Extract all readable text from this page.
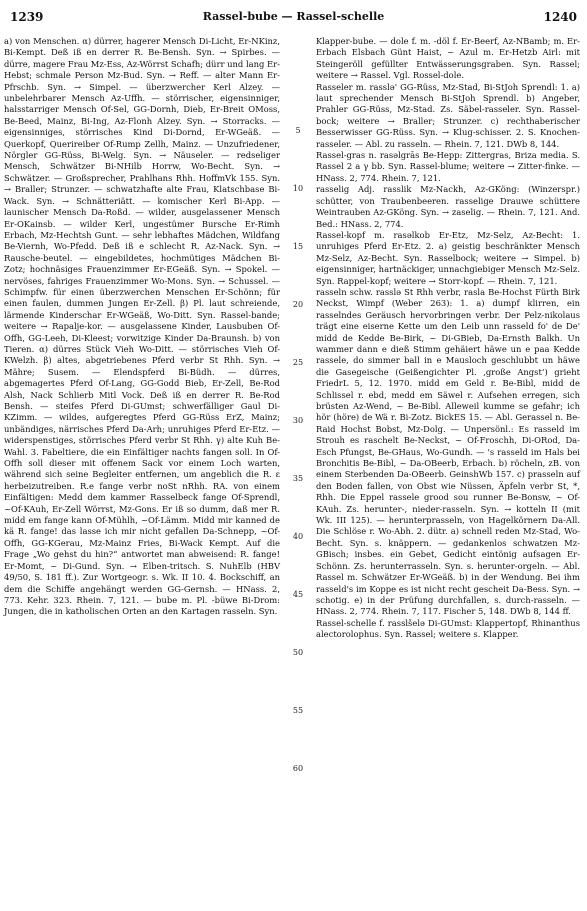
1239	Rassel-bube — Rassel-schelle	1240

a) von Menschen. α) dürrer, hagerer Mensch Di-Licht, Er-NKinz, Bi-Kempt. Deß iß en derrer R. Be-Bensh. Syn. → Spirbes. — dürre, magere Frau Mz-Ess, Az-Wörrst Schafh; dürr und lang Er-Hebst; schmale Person Mz-Bud. Syn. → Reff. — alter Mann Er-Pfrschb. Syn. → Simpel. — überzwercher Kerl Alzey. — unbelehrbarer Mensch Az-Uffh. — störrischer, eigensinniger, halsstarriger Mensch Of-Sel, GG-Dornh, Dieb, Er-Breit OMoss, Be-Beed, Mainz, Bi-Ing, Az-Flonh Alzey. Syn. → Storracks. — eigensinniges, störrisches Kind Di-Dornd, Er-WGeäß. — Querkopf, Querireiber Of-Rump Zellh, Mainz. — Unzufriedener, Nörgler GG-Rüss, Bi-Welg. Syn. → Näuseler. — redseliger Mensch, Schwätzer Bi-NHilb Horrw, Wo-Becht. Syn. → Schwätzer. — Großsprecher, Prahlhans Rhh. HoffmVk 155. Syn. → Braller; Strunzer. — schwatzhafte alte Frau, Klatschbase Bi-Wack. Syn. → Schnätteriätt. — komischer Kerl Bi-App. — launischer Mensch Da-Roßd. — wilder, ausgelassener Mensch Er-OKainsb. — wilder Kerl, ungestümer Bursche Er-Rimh Erbach, Mz-Hechtsh Gunt. — sehr lebhaftes Mädchen, Wildfang Be-Viernh, Wo-Pfedd. Deß iß e schlecht R. Az-Nack. Syn. → Rausche-beutel. — eingebildetes, hochmütiges Mädchen Bi-Zotz; hochnäsiges Frauenzimmer Er-EGeäß. Syn. → Spokel. — nervöses, fahriges Frauenzimmer Wo-Mons. Syn. → Schussel. — Schimpfw. für einen überzwerchen Menschen Er-Schönn; für einen faulen, dummen Jungen Er-Zell. β) Pl. laut schreiende, lärmende Kinderschar Er-WGeäß, Wo-Ditt. Syn. Rassel-bande; weitere → Rapalje-kor. — ausgelassene Kinder, Lausbuben Of-Offh, GG-Leeh, Di-Kleest; vorwitzige Kinder Da-Braunsh. b) von Tieren. α) dürres Stück Vieh Wo-Ditt. — störrisches Vieh Of-KWelzh. β) altes, abgetriebenes Pferd verbr St Rhh. Syn. → Mähre; Susem. — Elendspferd Bi-Büdh. — dürres, abgemagertes Pferd Of-Lang, GG-Godd Bieb, Er-Zell, Be-Rod Alsh, Nack Schlierb Mitl Vock. Deß iß en derrer R. Be-Rod Bensh. — steifes Pferd Di-GUmst; schwerfälliger Gaul Di-KZimm. — wildes, aufgeregtes Pferd GG-Rüss ErZ, Mainz; unbändiges, närrisches Pferd Da-Arh; unruhiges Pferd Er-Etz. — widerspenstiges, störrisches Pferd verbr St Rhh. γ) alte Kuh Be-Wahl. 3. Fabeltiere, die ein Einfältiger nachts fangen soll. In Of-Offh soll dieser mit offenem Sack vor einem Loch warten, während sich seine Begleiter entfernen, um angeblich die R. ε herbeizutreiben. R.e fange verbr noSt nRhh. RA. von einem Einfältigen: Medd dem kammer Rasselbeck fange Of-Sprendl, ~Of-KAuh, Er-Zell Wörrst, Mz-Gons. Er iß so dumm, daß mer R. midd em fange kann Of-Mühlh, ~Of-Lämm. Midd mir kanned de kä R. fange! das lasse ich mir nicht gefallen Da-Schnepp, ~Of-Offh, GG-KGerau, Mz-Mainz Fries, Bi-Wack Kempt. Auf die Frage „Wo gehst du hin?“ antwortet man abweisend: R. fange! Er-Momt, ~ Di-Gund. Syn. → Elben-tritsch. S. NuhElb (HBV 49/50, S. 181 ff.). Zur Wortgeogr. s. Wk. II 10. 4. Bockschiff, an dem die Schiffe angehängt werden GG-Gernsh. — HNass. 2, 773. Kehr. 323. Rhein. 7, 121. — bube m. Pl. -büwe Bi-Drom: Jungen, die in katholischen Orten an den Kartagen rasseln. Syn.

5
10
15
20
25
30
35
40
45
50
55
60

Klapper-bube. — dole f. m. -döl f. Er-Beerf, Az-NBamb; m. Er-Erbach Elsbach Günt Haist, ~ Azul m. Er-Hetzb Airl: mit Steingeröll gefüllter Entwässerungsgraben. Syn. Rassel; weitere → Rassel. Vgl. Rossel-dole.

Rasseler m. rasslə' GG-Rüss, Mz-Stad, Bi-StJoh Sprendl: 1. a) laut sprechender Mensch Bi-StJoh Sprendl. b) Angeber, Prahler GG-Rüss, Mz-Stad. Zs. Säbel-rasseler. Syn. Rassel-bock; weitere → Braller; Strunzer. c) rechthaberischer Besserwisser GG-Rüss. Syn. → Klug-schisser. 2. S. Knochen-rasseler. — Abl. zu rasseln. — Rhein. 7, 121. DWb 8, 144.

Rassel-gras n. rasəlgrās Be-Hepp: Zittergras, Briza media. S. Rassel 2 a γ bb. Syn. Rassel-blume; weitere → Zitter-finke. — HNass. 2, 774. Rhein. 7, 121.

rasselig Adj. rasslik Mz-Nackh, Az-GKöng: (Winzerspr.) schütter, von Traubenbeeren. rasselige Drauwe schüttere Weintrauben Az-GKöng. Syn. → zaselig. — Rhein. 7, 121. And. Bed.: HNass. 2, 774.

Rassel-kopf m. rasəlkob Er-Etz, Mz-Selz, Az-Becht: 1. unruhiges Pferd Er-Etz. 2. a) geistig beschränkter Mensch Mz-Selz, Az-Becht. Syn. Rasselbock; weitere → Simpel. b) eigensinniger, hartnäckiger, unnachgiebiger Mensch Mz-Selz. Syn. Rappel-kopf; weitere → Storr-kopf. — Rhein. 7, 121.

rasseln schw. rasslə St Rhh verbr, rasla Be-Hochst Fürth Birk Neckst, Wimpf (Weber 263): 1. a) dumpf klirren, ein rasselndes Geräusch hervorbringen verbr. Der Pelz-nikolaus trägt eine eiserne Kette um den Leib unn rasseld fo' de De' midd de Kedde Be-Birk, ~ Di-GBieb, Da-Ernsth Balkh. Un wammer dann e dieß Stimm gehäiert häwe un e paa Kedde rassele, do simmer ball in e Mausloch geschlubbt un häwe die Gasegeische (Geißengichter Pl. ‚große Angst‘) grieht FriedrL 5, 12. 1970. midd em Geld r. Be-Bibl, midd de Schlissel r. ebd, medd em Säwel r. Aufsehen erregen, sich brüsten Az-Wend, ~ Be-Bibl. Alleweil kumme se gefahr; ich hör (höre) de Wä r. Bi-Zotz. BickES 15. — Abl. Gerassel n. Be-Raid Hochst Bobst, Mz-Dolg. — Unpersönl.: Es rasseld im Strouh es raschelt Be-Neckst, ~ Of-Froschh, Di-ORod, Da-Esch Pfungst, Be-GHaus, Wo-Gundh. — 's rasseld im Hals bei Bronchitis Be-Bibl, ~ Da-OBeerb, Erbach. b) röcheln, zB. von einem Sterbenden Da-OBeerb. GeinshWb 157. c) prasseln auf den Boden fallen, von Obst wie Nüssen, Äpfeln verbr St, *, Rhh. Die Eppel rassele grood sou runner Be-Bonsw, ~ Of-KAuh. Zs. herunter-, nieder-rasseln. Syn. → kotteln II (mit Wk. III 125). — herunterprasseln, von Hagelkörnern Da-All. Die Schlöse r. Wo-Abh. 2. dütr. a) schnell reden Mz-Stad, Wo-Becht. Syn. s. knäppern. — gedankenlos schwatzen Mz-GBisch; insbes. ein Gebet, Gedicht eintönig aufsagen Er-Schönn. Zs. herunterrasseln. Syn. s. herunter-orgeln. — Abl. Rassel m. Schwätzer Er-WGeäß. b) in der Wendung. Bei ihm rasseld's im Koppe es ist nicht recht gescheit Da-Bess. Syn. → schotig. e) in der Prüfung durchfallen, s. durch-rasseln. — HNass. 2, 774. Rhein. 7, 117. Fischer 5, 148. DWb 8, 144 ff.

Rassel-schelle f. rasslšelə Di-GUmst: Klappertopf, Rhinanthus alectorolophus. Syn. Rassel; weitere s. Klapper.
